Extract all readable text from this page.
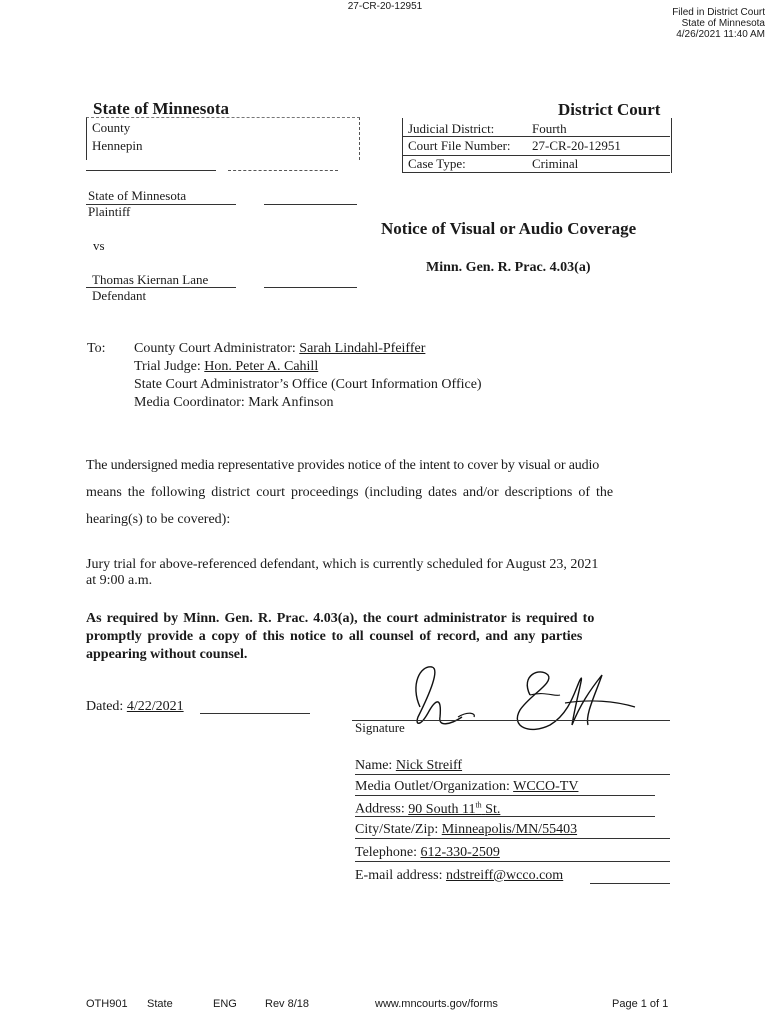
27-CR-20-12951
Filed in District Court
State of Minnesota
4/26/2021 11:40 AM
State of Minnesota	District Court
County
Hennepin
Judicial District:	Fourth
Court File Number: 27-CR-20-12951
Case Type:	Criminal
State of Minnesota
Plaintiff
vs
Thomas Kiernan Lane
Defendant
Notice of Visual or Audio Coverage
Minn. Gen. R. Prac. 4.03(a)
To: County Court Administrator: Sarah Lindahl-Pfeiffer
Trial Judge: Hon. Peter A. Cahill
State Court Administrator’s Office (Court Information Office)
Media Coordinator: Mark Anfinson
The undersigned media representative provides notice of the intent to cover by visual or audio
means the following district court proceedings (including dates and/or descriptions of the
hearing(s) to be covered):
Jury trial for above-referenced defendant, which is currently scheduled for August 23, 2021
at 9:00 a.m.
As required by Minn. Gen. R. Prac. 4.03(a), the court administrator is required to
promptly provide a copy of this notice to all counsel of record, and any parties
appearing without counsel.
Dated: 4/22/2021
Signature
Name: Nick Streiff
Media Outlet/Organization: WCCO-TV
Address: 90 South 11th St.
City/State/Zip: Minneapolis/MN/55403
Telephone: 612-330-2509
E-mail address: ndstreiff@wcco.com
OTH901 State	ENG	Rev 8/18	www.mncourts.gov/forms	Page 1 of 1
